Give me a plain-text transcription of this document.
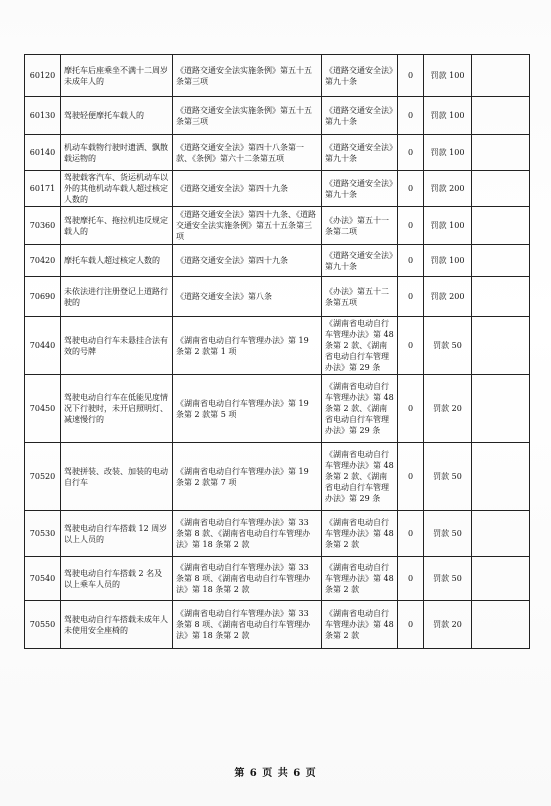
60120	摩托车后座乘坐不满十二周岁未成年人的	《道路交通安全法实施条例》第五十五条第三项	《道路交通安全法》第九十条	0	罚款 100	
60130	驾驶轻便摩托车载人的	《道路交通安全法实施条例》第五十五条第三项	《道路交通安全法》第九十条	0	罚款 100	
60140	机动车载物行驶时遗洒、飘散载运物的	《道路交通安全法》第四十八条第一款、《条例》第六十二条第五项	《道路交通安全法》第九十条	0	罚款 100	
60171	驾驶载客汽车、货运机动车以外的其他机动车载人超过核定人数的	《道路交通安全法》第四十九条	《道路交通安全法》第九十条	0	罚款 200	
70360	驾驶摩托车、拖拉机违反规定载人的	《道路交通安全法》第四十九条、《道路交通安全法实施条例》第五十五条第三项	《办法》第五十一条第二项	0	罚款 100	
70420	摩托车载人超过核定人数的	《道路交通安全法》第四十九条	《道路交通安全法》第九十条	0	罚款 100	
70690	未依法进行注册登记上道路行驶的	《道路交通安全法》第八条	《办法》第五十二条第五项	0	罚款 200	
70440	驾驶电动自行车未悬挂合法有效的号牌	《湖南省电动自行车管理办法》第 19 条第 2 款第 1 项	《湖南省电动自行车管理办法》第 48 条第 2 款、《湖南省电动自行车管理办法》第 29 条	0	罚款 50	
70450	驾驶电动自行车在低能见度情况下行驶时，未开启照明灯、减速慢行的	《湖南省电动自行车管理办法》第 19 条第 2 款第 5 项	《湖南省电动自行车管理办法》第 48 条第 2 款、《湖南省电动自行车管理办法》第 29 条	0	罚款 20	
70520	驾驶拼装、改装、加装的电动自行车	《湖南省电动自行车管理办法》第 19 条第 2 款第 7 项	《湖南省电动自行车管理办法》第 48 条第 2 款、《湖南省电动自行车管理办法》第 29 条	0	罚款 50	
70530	驾驶电动自行车搭载 12 周岁以上人员的	《湖南省电动自行车管理办法》第 33 条第 8 款、《湖南省电动自行车管理办法》第 18 条第 2 款	《湖南省电动自行车管理办法》第 48 条第 2 款	0	罚款 50	
70540	驾驶电动自行车搭载 2 名及以上乘车人员的	《湖南省电动自行车管理办法》第 33 条第 8 项、《湖南省电动自行车管理办法》第 18 条第 2 款	《湖南省电动自行车管理办法》第 48 条第 2 款	0	罚款 50	
70550	驾驶电动自行车搭载未成年人未使用安全座椅的	《湖南省电动自行车管理办法》第 33 条第 8 项、《湖南省电动自行车管理办法》第 18 条第 2 款	《湖南省电动自行车管理办法》第 48 条第 2 款	0	罚款 20	
第 6 页 共 6 页
